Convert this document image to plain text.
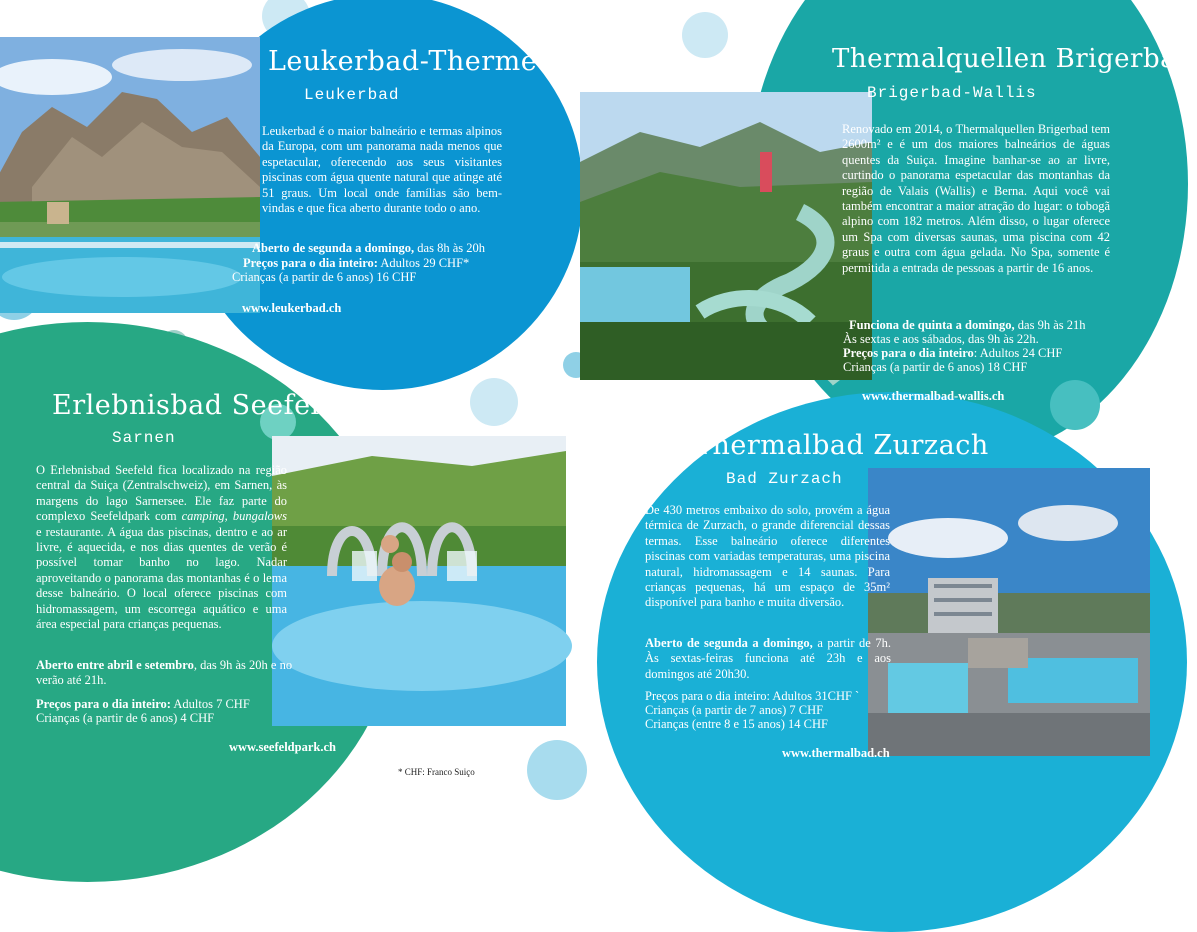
Leukerbad-Therme
Leukerbad
Leukerbad é o maior balneário e termas alpinos da Europa, com um panorama nada menos que espetacular, oferecendo aos seus visitantes piscinas com água quente natural que atinge até 51 graus. Um local onde famílias são bem-vindas e que fica aberto durante todo o ano.
Aberto de segunda a domingo, das 8h às 20h
Preços para o dia inteiro: Adultos 29 CHF*
Crianças (a partir de 6 anos) 16 CHF
www.leukerbad.ch
Thermalquellen BrigerbaD
Brigerbad-Wallis
Renovado em 2014, o Thermalquellen Brigerbad tem 2600m² e é um dos maiores balneários de águas quentes da Suiça. Imagine banhar-se ao ar livre, curtindo o panorama espetacular das montanhas da região de Valais (Wallis) e Berna. Aqui você vai também encontrar a maior atração do lugar: o tobogã alpino com 182 metros. Além disso, o lugar oferece um Spa com diversas saunas, uma piscina com 42 graus e outra com água gelada. No Spa, somente é permitida a entrada de pessoas a partir de 16 anos.
Funciona de quinta a domingo, das 9h às 21h
Às sextas e aos sábados, das 9h às 22h.
Preços para o dia inteiro: Adultos 24 CHF
Crianças (a partir de 6 anos) 18 CHF
www.thermalbad-wallis.ch
Erlebnisbad Seefeld
Sarnen
O Erlebnisbad Seefeld fica localizado na região central da Suiça (Zentralschweiz), em Sarnen, às margens do lago Sarnersee. Ele faz parte do complexo Seefeldpark com camping, bungalows e restaurante. A água das piscinas, dentro e ao ar livre, é aquecida, e nos dias quentes de verão é possível tomar banho no lago. Nadar aproveitando o panorama das montanhas é o lema desse balneário. O local oferece piscinas com hidromassagem, um escorrega aquático e uma área especial para crianças pequenas.
Aberto entre abril e setembro, das 9h às 20h e no verão até 21h.
Preços para o dia inteiro: Adultos 7 CHF
Crianças (a partir de 6 anos) 4 CHF
www.seefeldpark.ch
Thermalbad Zurzach
Bad Zurzach
De 430 metros embaixo do solo, provém a água térmica de Zurzach, o grande diferencial dessas termas. Esse balneário oferece diferentes piscinas com variadas temperaturas, uma piscina natural, hidromassagem e 14 saunas. Para crianças pequenas, há um espaço de 35m² disponível para banho e muita diversão.
Aberto de segunda a domingo, a partir de 7h. Às sextas-feiras funciona até 23h e aos domingos até 20h30.
Preços para o dia inteiro: Adultos 31CHF `
Crianças (a partir de 7 anos) 7 CHF
Crianças (entre 8 e 15 anos) 14 CHF
www.thermalbad.ch
* CHF: Franco Suiço
